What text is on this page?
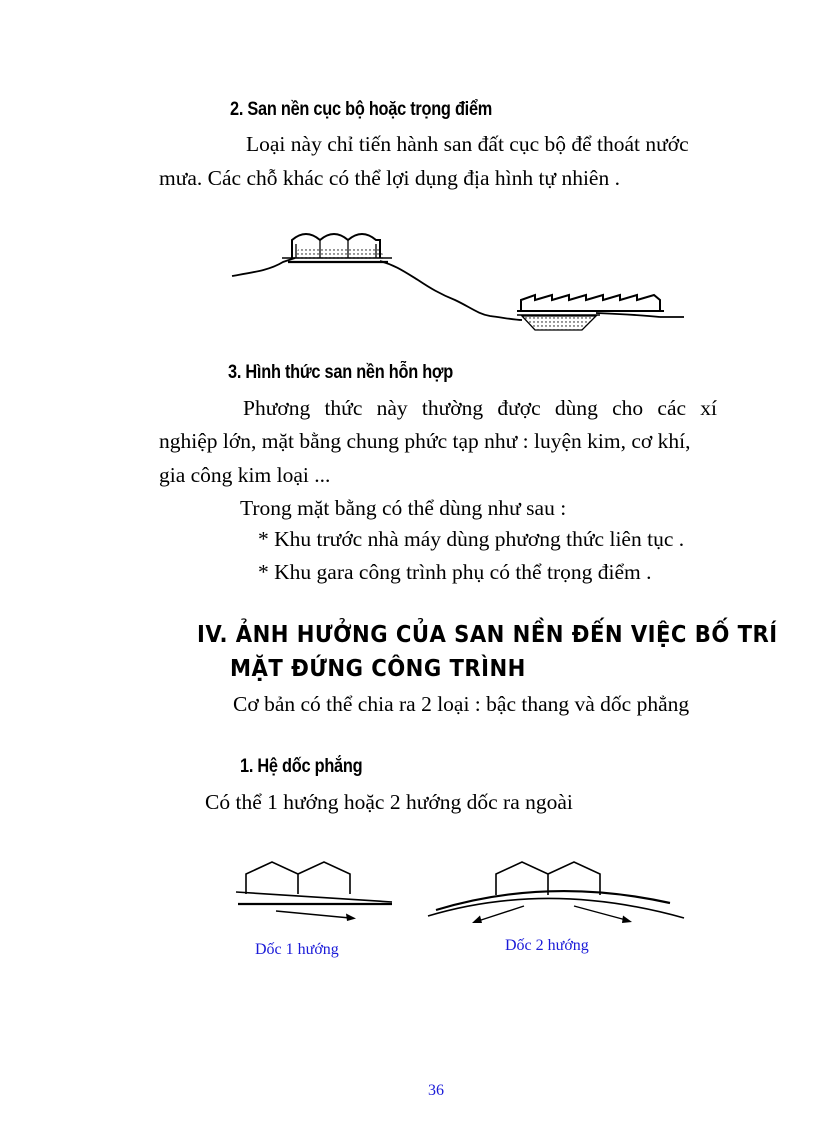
2. San nền cục bộ hoặc trọng điểm
Loại này chỉ tiến hành san đất cục bộ để thoát nước
mưa. Các chỗ khác có thể lợi dụng địa hình tự nhiên .
3. Hình thức san nền hỗn hợp
Phương thức này thường được dùng cho các xí
nghiệp lớn, mặt bằng chung phức tạp như : luyện kim, cơ khí,
gia công kim loại ...
Trong mặt bằng có thể dùng như sau :
* Khu trước nhà máy dùng phương thức liên tục .
* Khu gara công trình phụ có thể trọng điểm .
IV. ẢNH HƯỞNG CỦA SAN NỀN ĐẾN VIỆC BỐ TRÍ
MẶT ĐỨNG CÔNG TRÌNH
Cơ bản có thể chia ra 2 loại : bậc thang và dốc phẳng
1. Hệ dốc phẳng
Có thể 1 hướng hoặc 2 hướng dốc ra ngoài
Dốc 1 hướng	Dốc 2 hướng
36
